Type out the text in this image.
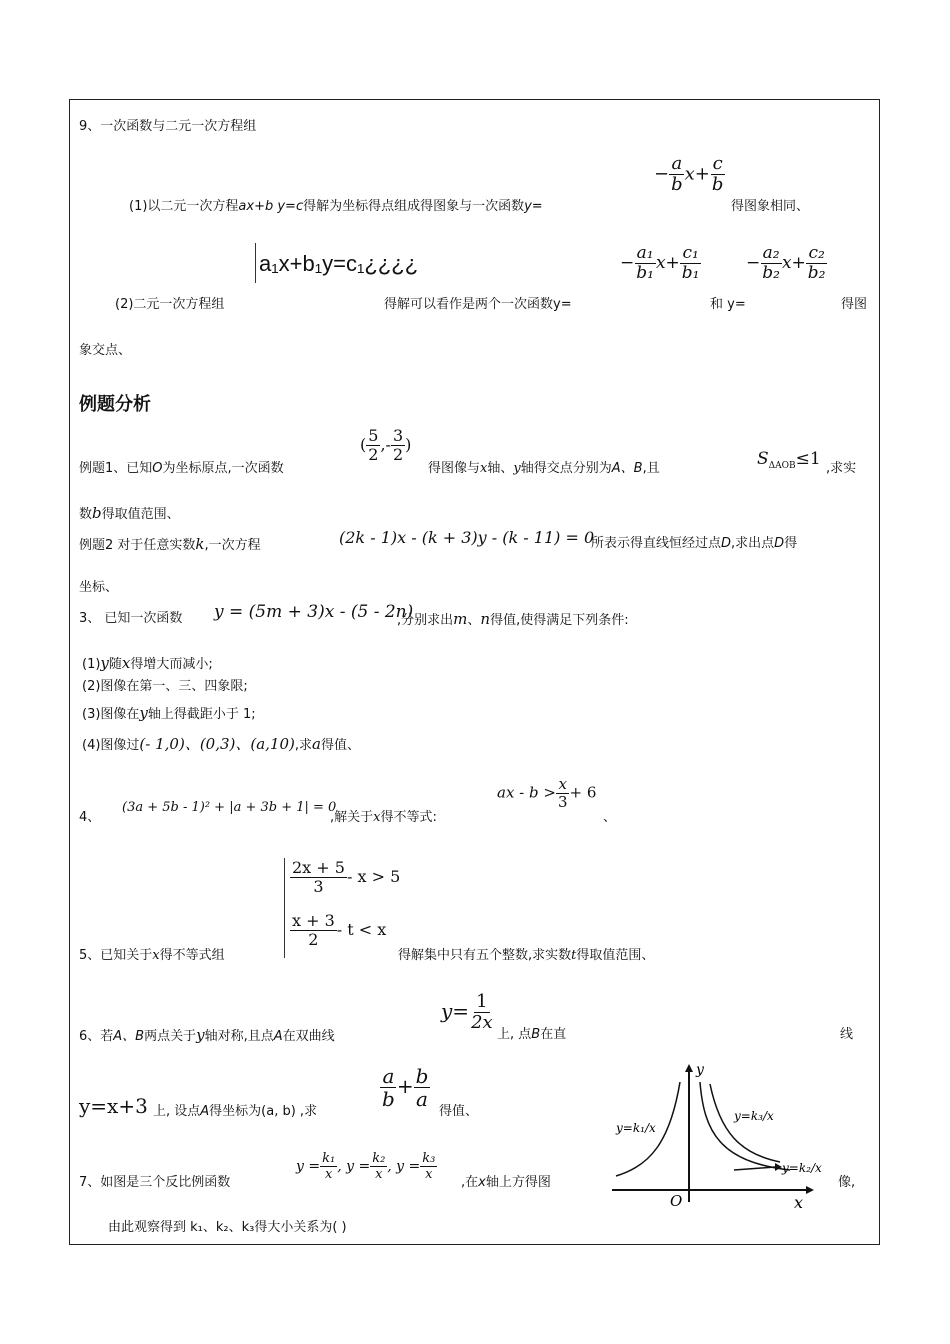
9、一次函数与二元一次方程组
− $\frac{a}{b} x+ \frac{c}{b}$
(1)以二元一次方程ax+b y=c得解为坐标得点组成得图象与一次函数y=	得图象相同、
a₁x+b₁y=c₁¿¿¿¿	− $\frac{\text{a₁}}{\text{b₁}} x+ \frac{\text{c₁}}{\text{b₁}}$	− $\frac{\text{a₂}}{\text{b₂}} x+ \frac{\text{c₂}}{\text{b₂}}$
(2)二元一次方程组	得解可以看作是两个一次函数y=	和 y=	得图
象交点、
例题分析
例题1、已知O为坐标原点,一次函数
( $\frac{5}{2}$ ,- $\frac{3}{2}$ )
得图像与x轴、y轴得交点分别为A、B,且	$S_{\Delta AOB}\le 1$ ,求实
数b得取值范围、
例题2 对于任意实数k,一次方程	(2k - 1)x - (k + 3)y - (k - 11) = 0
所表示得直线恒经过点D,求出点D得
坐标、
3、 已知一次函数 y = (5m + 3)x - (5 - 2n)
,分别求出m、n得值,使得满足下列条件:
(1)y随x得增大而减小;
(2)图像在第一、三、四象限;
(3)图像在y轴上得截距小于 1;
(4)图像过(- 1,0)、(0,3)、(a,10),求a得值、
4、
(3a + 5b - 1)² + |a + 3b + 1| = 0
,解关于x得不等式:
ax - $b > \frac{x}{3} + 6$
、
$\frac{2x + 5}{3} - x > 5$
$\frac{x + 3}{2} - t < x$
5、已知关于x得不等式组	得解集中只有五个整数,求实数t得取值范围、
$y= \frac{1}{2x}$
6、若A、B两点关于y轴对称,且点A在双曲线	上, 点B在直	线
y=x+3 上, 设点A得坐标为(a, b) ,求
$\frac{a}{b} + \frac{b}{a}$
得值、
7、如图是三个反比例函数
$y = \frac{\text{k₁}}{x}$ , $y = \frac{\text{k₂}}{x}$ , $y = \frac{\text{k₃}}{x}$
,在x轴上方得图	像,
由此观察得到 k₁、k₂、k₃得大小关系为( )
y
x
O
y=k₁/x
y=k₃/x
y=k₂/x
